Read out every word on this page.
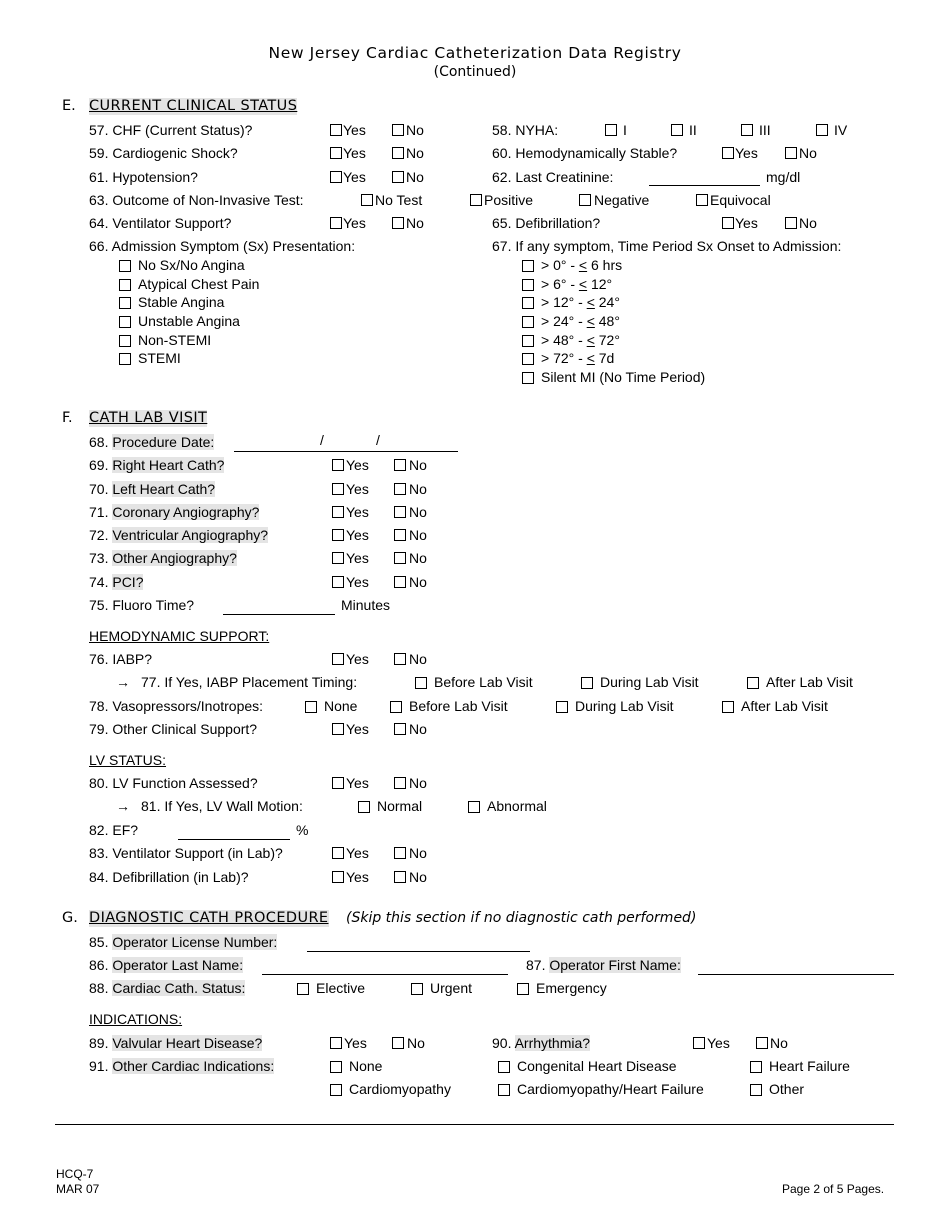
New Jersey Cardiac Catheterization Data Registry
(Continued)
E. CURRENT CLINICAL STATUS
57. CHF (Current Status)?	Yes	No	58. NYHA:	I	II	III	IV
59. Cardiogenic Shock?	Yes	No	60. Hemodynamically Stable?	Yes	No
61. Hypotension?	Yes	No	62. Last Creatinine:	mg/dl
63. Outcome of Non-Invasive Test:	No Test	Positive	Negative	Equivocal
64. Ventilator Support?	Yes	No	65. Defibrillation?	Yes	No
66. Admission Symptom (Sx) Presentation:	67. If any symptom, Time Period Sx Onset to Admission:
No Sx/No Angina
Atypical Chest Pain
Stable Angina
Unstable Angina
Non-STEMI
STEMI
> 0° - < 6 hrs
> 6° - < 12°
> 12° - < 24°
> 24° - < 48°
> 48° - < 72°
> 72° - < 7d
Silent MI (No Time Period)
F. CATH LAB VISIT
68. Procedure Date:	/	/
69. Right Heart Cath?	Yes	No
70. Left Heart Cath?	Yes	No
71. Coronary Angiography?	Yes	No
72. Ventricular Angiography?	Yes	No
73. Other Angiography?	Yes	No
74. PCI?	Yes	No
75. Fluoro Time?	Minutes
HEMODYNAMIC SUPPORT:
76. IABP?	Yes	No
→ 77. If Yes, IABP Placement Timing:	Before Lab Visit	During Lab Visit	After Lab Visit
78. Vasopressors/Inotropes:	None	Before Lab Visit	During Lab Visit	After Lab Visit
79. Other Clinical Support?	Yes	No
LV STATUS:
80. LV Function Assessed?	Yes	No
→ 81. If Yes, LV Wall Motion:	Normal	Abnormal
82. EF?	%
83. Ventilator Support (in Lab)?	Yes	No
84. Defibrillation (in Lab)?	Yes	No
G. DIAGNOSTIC CATH PROCEDURE (Skip this section if no diagnostic cath performed)
85. Operator License Number:
86. Operator Last Name:	87. Operator First Name:
88. Cardiac Cath. Status:	Elective	Urgent	Emergency
INDICATIONS:
89. Valvular Heart Disease?	Yes	No	90. Arrhythmia?	Yes	No
91. Other Cardiac Indications:	None	Congenital Heart Disease	Heart Failure
Cardiomyopathy	Cardiomyopathy/Heart Failure	Other
HCQ-7
MAR 07	Page 2 of 5 Pages.
